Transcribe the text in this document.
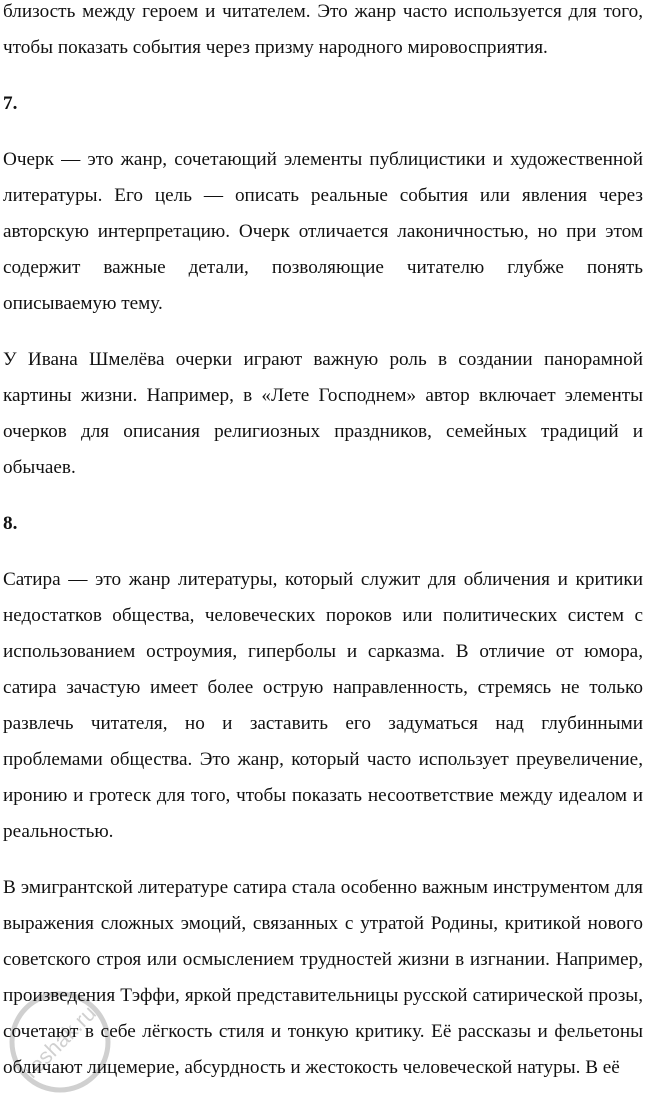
близость между героем и читателем. Это жанр часто используется для того, чтобы показать события через призму народного мировосприятия.

7.

Очерк — это жанр, сочетающий элементы публицистики и художественной литературы. Его цель — описать реальные события или явления через авторскую интерпретацию. Очерк отличается лаконичностью, но при этом содержит важные детали, позволяющие читателю глубже понять описываемую тему.

У Ивана Шмелёва очерки играют важную роль в создании панорамной картины жизни. Например, в «Лете Господнем» автор включает элементы очерков для описания религиозных праздников, семейных традиций и обычаев.

8.

Сатира — это жанр литературы, который служит для обличения и критики недостатков общества, человеческих пороков или политических систем с использованием остроумия, гиперболы и сарказма. В отличие от юмора, сатира зачастую имеет более острую направленность, стремясь не только развлечь читателя, но и заставить его задуматься над глубинными проблемами общества. Это жанр, который часто использует преувеличение, иронию и гротеск для того, чтобы показать несоответствие между идеалом и реальностью.

В эмигрантской литературе сатира стала особенно важным инструментом для выражения сложных эмоций, связанных с утратой Родины, критикой нового советского строя или осмыслением трудностей жизни в изгнании. Например, произведения Тэффи, яркой представительницы русской сатирической прозы, сочетают в себе лёгкость стиля и тонкую критику. Её рассказы и фельетоны обличают лицемерие, абсурдность и жестокость человеческой натуры. В её

reshak.ru
